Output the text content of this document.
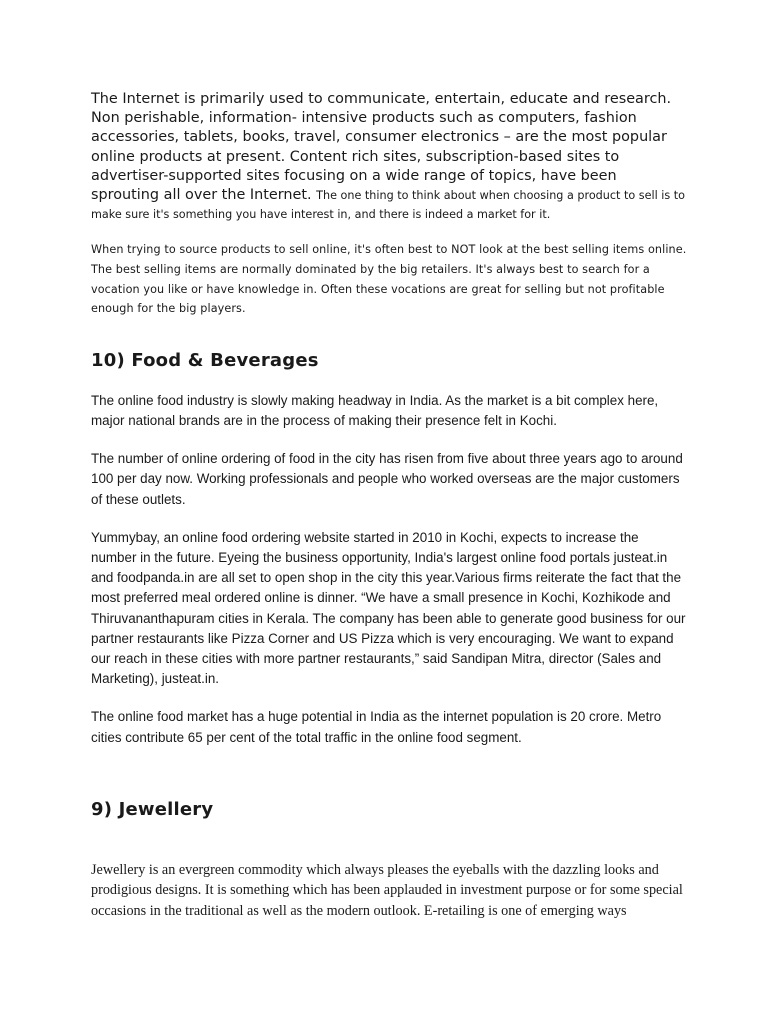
The Internet is primarily used to communicate, entertain, educate and research. Non perishable, information- intensive products such as computers, fashion accessories, tablets, books, travel, consumer electronics – are the most popular online products at present. Content rich sites, subscription-based sites to advertiser-supported sites focusing on a wide range of topics, have been sprouting all over the Internet. The one thing to think about when choosing a product to sell is to make sure it's something you have interest in, and there is indeed a market for it.

When trying to source products to sell online, it's often best to NOT look at the best selling items online. The best selling items are normally dominated by the big retailers. It's always best to search for a vocation you like or have knowledge in. Often these vocations are great for selling but not profitable enough for the big players.

10) Food & Beverages

The online food industry is slowly making headway in India. As the market is a bit complex here, major national brands are in the process of making their presence felt in Kochi.

The number of online ordering of food in the city has risen from five about three years ago to around 100 per day now. Working professionals and people who worked overseas are the major customers of these outlets.

Yummybay, an online food ordering website started in 2010 in Kochi, expects to increase the number in the future. Eyeing the business opportunity, India's largest online food portals justeat.in and foodpanda.in are all set to open shop in the city this year.Various firms reiterate the fact that the most preferred meal ordered online is dinner. “We have a small presence in Kochi, Kozhikode and Thiruvananthapuram cities in Kerala. The company has been able to generate good business for our partner restaurants like Pizza Corner and US Pizza which is very encouraging. We want to expand our reach in these cities with more partner restaurants,” said Sandipan Mitra, director (Sales and Marketing), justeat.in.

The online food market has a huge potential in India as the internet population is 20 crore. Metro cities contribute 65 per cent of the total traffic in the online food segment.

9) Jewellery

Jewellery is an evergreen commodity which always pleases the eyeballs with the dazzling looks and prodigious designs. It is something which has been applauded in investment purpose or for some special occasions in the traditional as well as the modern outlook. E-retailing is one of emerging ways
